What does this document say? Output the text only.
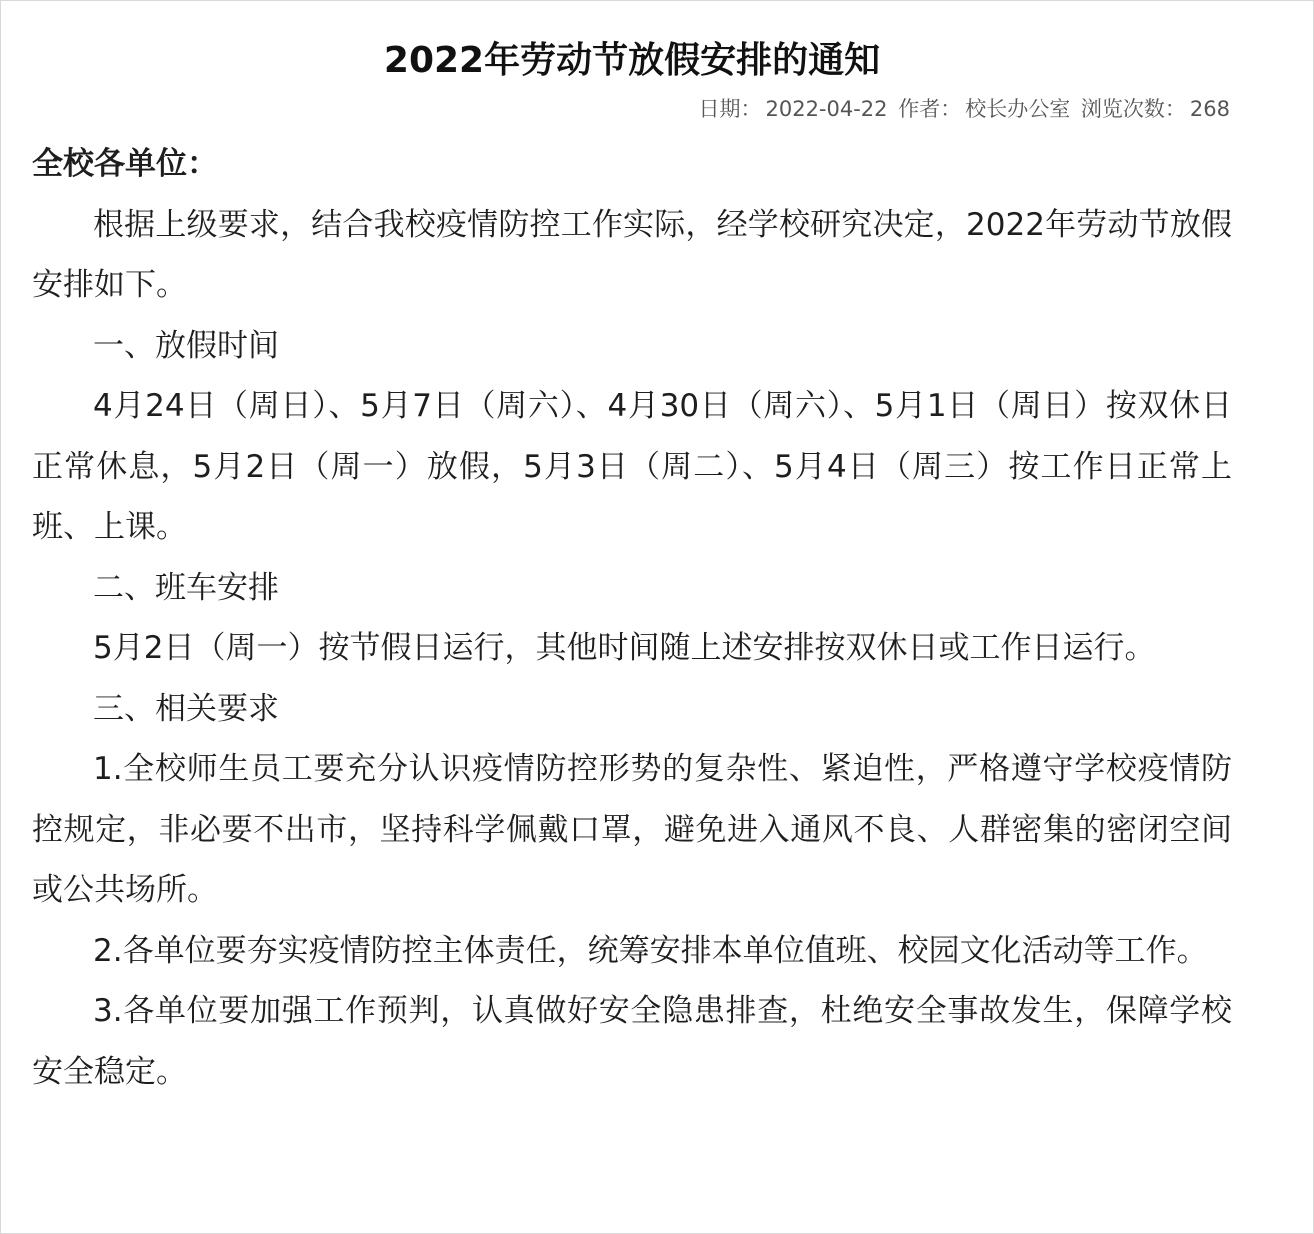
2022年劳动节放假安排的通知
日期： 2022-04-22 作者： 校长办公室 浏览次数： 268

全校各单位：

根据上级要求，结合我校疫情防控工作实际，经学校研究决定，2022年劳动节放假安排如下。

一、放假时间

4月24日（周日）、5月7日（周六）、4月30日（周六）、5月1日（周日）按双休日正常休息，5月2日（周一）放假，5月3日（周二）、5月4日（周三）按工作日正常上班、上课。

二、班车安排

5月2日（周一）按节假日运行，其他时间随上述安排按双休日或工作日运行。

三、相关要求

1.全校师生员工要充分认识疫情防控形势的复杂性、紧迫性，严格遵守学校疫情防控规定，非必要不出市，坚持科学佩戴口罩，避免进入通风不良、人群密集的密闭空间或公共场所。

2.各单位要夯实疫情防控主体责任，统筹安排本单位值班、校园文化活动等工作。

3.各单位要加强工作预判，认真做好安全隐患排查，杜绝安全事故发生，保障学校安全稳定。
